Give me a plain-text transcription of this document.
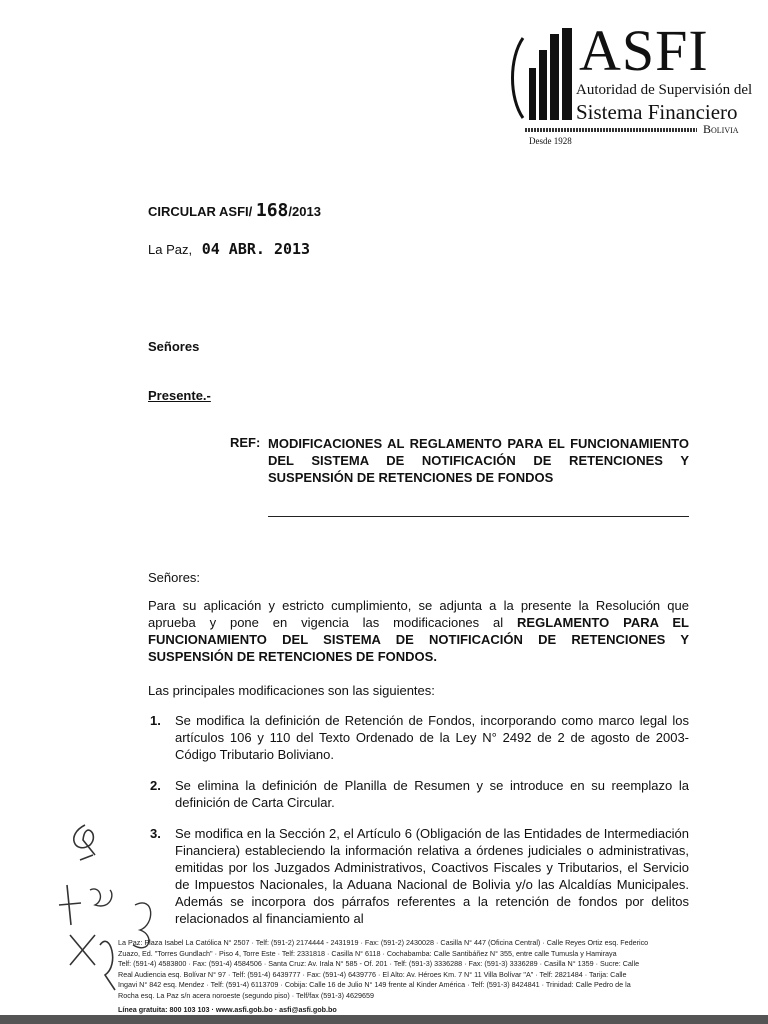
ASFI
Autoridad de Supervisión del
Sistema Financiero
Bolivia
Desde 1928
CIRCULAR ASFI/ 168/2013
La Paz, 04 ABR. 2013
Señores
Presente.-
REF: MODIFICACIONES AL REGLAMENTO PARA EL FUNCIONAMIENTO DEL SISTEMA DE NOTIFICACIÓN DE RETENCIONES Y SUSPENSIÓN DE RETENCIONES DE FONDOS
Señores:
Para su aplicación y estricto cumplimiento, se adjunta a la presente la Resolución que aprueba y pone en vigencia las modificaciones al REGLAMENTO PARA EL FUNCIONAMIENTO DEL SISTEMA DE NOTIFICACIÓN DE RETENCIONES Y SUSPENSIÓN DE RETENCIONES DE FONDOS.
Las principales modificaciones son las siguientes:
1. Se modifica la definición de Retención de Fondos, incorporando como marco legal los artículos 106 y 110 del Texto Ordenado de la Ley N° 2492 de 2 de agosto de 2003- Código Tributario Boliviano.
2. Se elimina la definición de Planilla de Resumen y se introduce en su reemplazo la definición de Carta Circular.
3. Se modifica en la Sección 2, el Artículo 6 (Obligación de las Entidades de Intermediación Financiera) estableciendo la información relativa a órdenes judiciales o administrativas, emitidas por los Juzgados Administrativos, Coactivos Fiscales y Tributarios, el Servicio de Impuestos Nacionales, la Aduana Nacional de Bolivia y/o las Alcaldías Municipales. Además se incorpora dos párrafos referentes a la retención de fondos por delitos relacionados al financiamiento al
La Paz: Plaza Isabel La Católica N° 2507 · Telf: (591-2) 2174444 - 2431919 · Fax: (591-2) 2430028 · Casilla N° 447 (Oficina Central) · Calle Reyes Ortiz esq. Federico
Zuazo, Ed. "Torres Gundlach" · Piso 4, Torre Este · Telf: 2331818 · Casilla N° 6118 · Cochabamba: Calle Santibáñez N° 355, entre calle Tumusla y Hamiraya
Telf: (591-4) 4583800 · Fax: (591-4) 4584506 · Santa Cruz: Av. Irala N° 585 - Of. 201 · Telf: (591-3) 3336288 · Fax: (591-3) 3336289 · Casilla N° 1359 · Sucre: Calle
Real Audiencia esq. Bolívar N° 97 · Telf: (591-4) 6439777 · Fax: (591-4) 6439776 · El Alto: Av. Héroes Km. 7 N° 11 Villa Bolívar "A" · Telf: 2821484 · Tarija: Calle
Ingavi N° 842 esq. Mendez · Telf: (591-4) 6113709 · Cobija: Calle 16 de Julio N° 149 frente al Kinder América · Telf: (591-3) 8424841 · Trinidad: Calle Pedro de la
Rocha esq. La Paz s/n acera noroeste (segundo piso) · Telf/fax (591-3) 4629659
Línea gratuita: 800 103 103 · www.asfi.gob.bo · asfi@asfi.gob.bo
